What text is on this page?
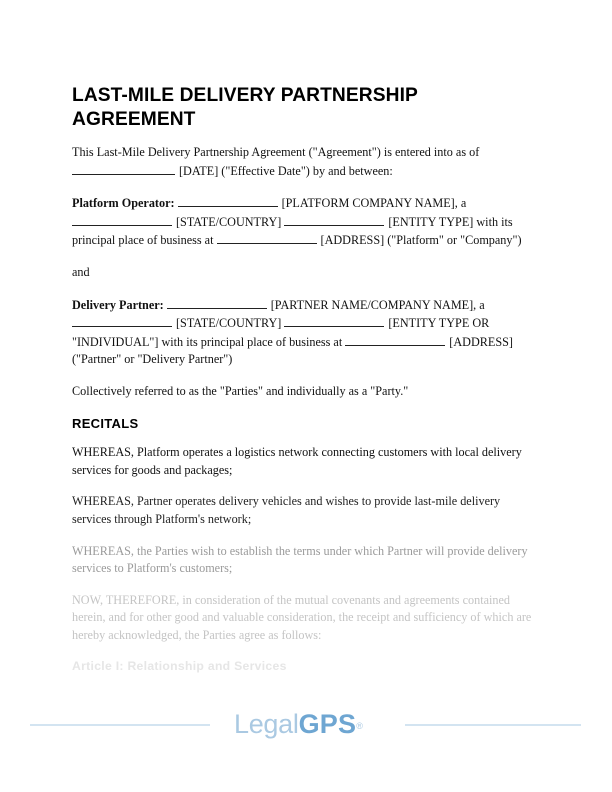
LAST-MILE DELIVERY PARTNERSHIP AGREEMENT

This Last-Mile Delivery Partnership Agreement ("Agreement") is entered into as of
[DATE] ("Effective Date") by and between:

Platform Operator:	[PLATFORM COMPANY NAME], a [STATE/COUNTRY]	[ENTITY TYPE] with its principal place of business at	[ADDRESS] ("Platform" or "Company")

and

Delivery Partner:	[PARTNER NAME/COMPANY NAME], a [STATE/COUNTRY]	[ENTITY TYPE OR "INDIVIDUAL"] with its principal place of business at	[ADDRESS] ("Partner" or "Delivery Partner")

Collectively referred to as the "Parties" and individually as a "Party."

RECITALS

WHEREAS, Platform operates a logistics network connecting customers with local delivery services for goods and packages;

WHEREAS, Partner operates delivery vehicles and wishes to provide last-mile delivery services through Platform's network;

WHEREAS, the Parties wish to establish the terms under which Partner will provide delivery services to Platform's customers;

NOW, THEREFORE, in consideration of the mutual covenants and agreements contained herein, and for other good and valuable consideration, the receipt and sufficiency of which are hereby acknowledged, the Parties agree as follows:

Article I: Relationship and Services

LegalGPS®
